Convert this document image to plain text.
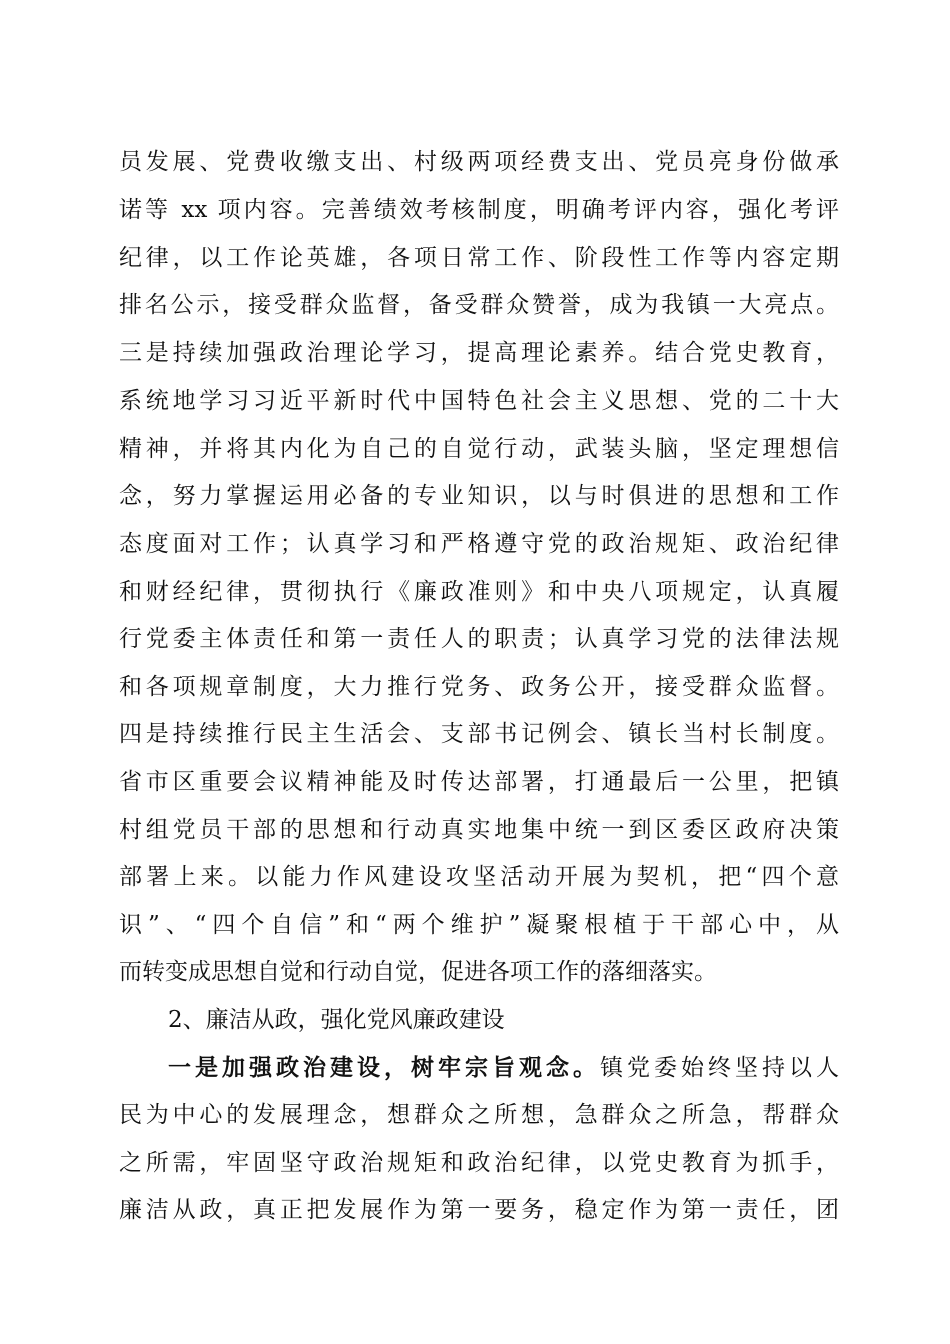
员发展、党费收缴支出、村级两项经费支出、党员亮身份做承
诺等 xx 项内容。完善绩效考核制度，明确考评内容，强化考评
纪律，以工作论英雄，各项日常工作、阶段性工作等内容定期
排名公示，接受群众监督，备受群众赞誉，成为我镇一大亮点。
三是持续加强政治理论学习，提高理论素养。结合党史教育，
系统地学习习近平新时代中国特色社会主义思想、党的二十大
精神，并将其内化为自己的自觉行动，武装头脑，坚定理想信
念，努力掌握运用必备的专业知识，以与时俱进的思想和工作
态度面对工作；认真学习和严格遵守党的政治规矩、政治纪律
和财经纪律，贯彻执行《廉政准则》和中央八项规定，认真履
行党委主体责任和第一责任人的职责；认真学习党的法律法规
和各项规章制度，大力推行党务、政务公开，接受群众监督。
四是持续推行民主生活会、支部书记例会、镇长当村长制度。
省市区重要会议精神能及时传达部署，打通最后一公里，把镇
村组党员干部的思想和行动真实地集中统一到区委区政府决策
部署上来。以能力作风建设攻坚活动开展为契机，把“四个意
识”、“四个自信”和“两个维护”凝聚根植于干部心中，从
而转变成思想自觉和行动自觉，促进各项工作的落细落实。
2、廉洁从政，强化党风廉政建设
一是加强政治建设，树牢宗旨观念。镇党委始终坚持以人
民为中心的发展理念，想群众之所想，急群众之所急，帮群众
之所需，牢固坚守政治规矩和政治纪律，以党史教育为抓手，
廉洁从政，真正把发展作为第一要务，稳定作为第一责任，团
